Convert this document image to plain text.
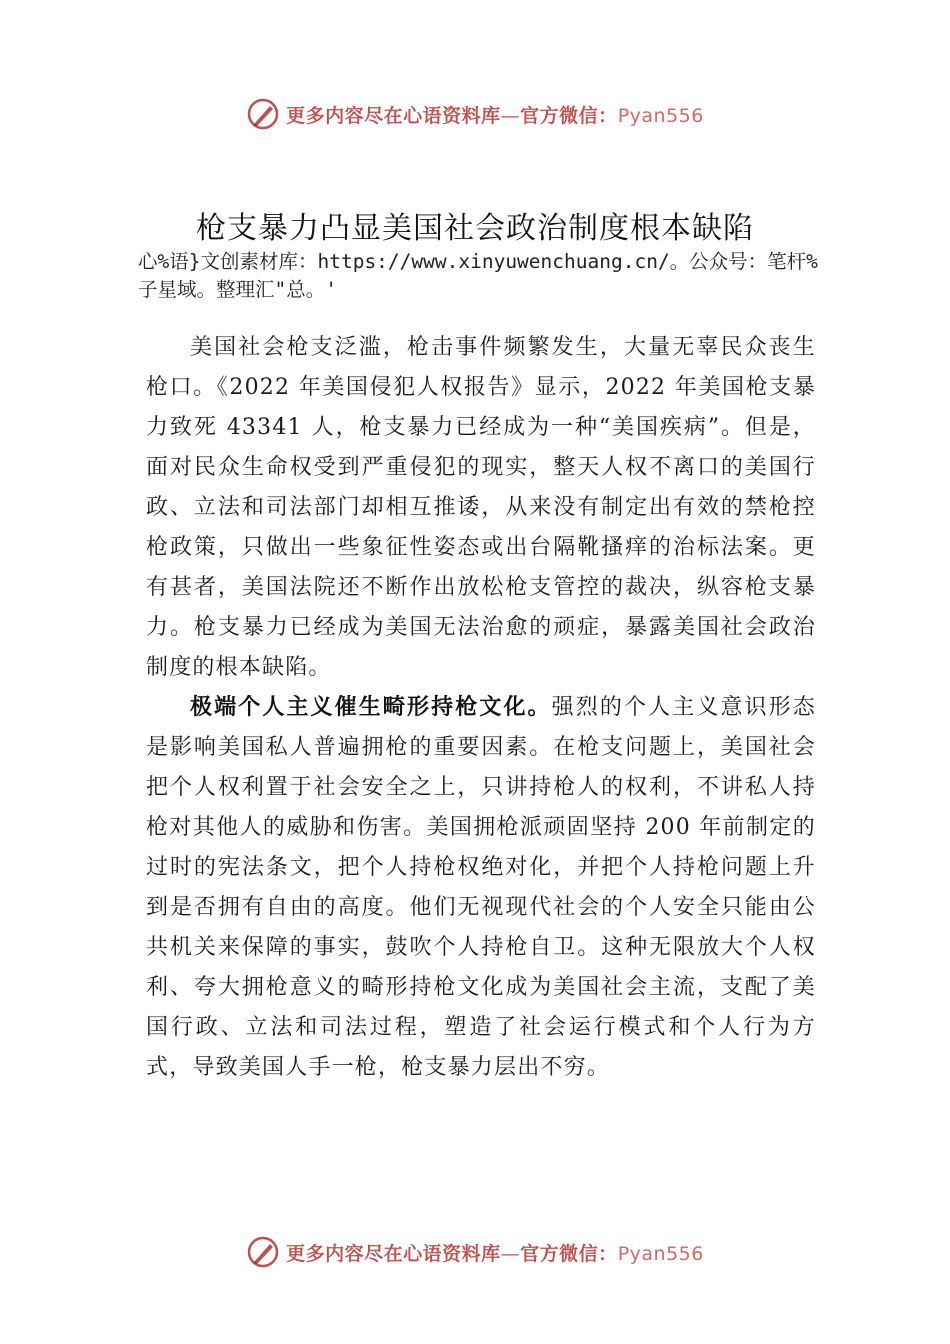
更多内容尽在心语资料库—官方微信：Pyan556
枪支暴力凸显美国社会政治制度根本缺陷
心%语}文创素材库：https://www.xinyuwenchuang.cn/。公众号：笔杆%子星域。整理汇"总。'

美国社会枪支泛滥，枪击事件频繁发生，大量无辜民众丧生枪口。《2022 年美国侵犯人权报告》显示，2022 年美国枪支暴力致死 43341 人，枪支暴力已经成为一种“美国疾病”。但是，面对民众生命权受到严重侵犯的现实，整天人权不离口的美国行政、立法和司法部门却相互推诿，从来没有制定出有效的禁枪控枪政策，只做出一些象征性姿态或出台隔靴搔痒的治标法案。更有甚者，美国法院还不断作出放松枪支管控的裁决，纵容枪支暴力。枪支暴力已经成为美国无法治愈的顽症，暴露美国社会政治制度的根本缺陷。

极端个人主义催生畸形持枪文化。强烈的个人主义意识形态是影响美国私人普遍拥枪的重要因素。在枪支问题上，美国社会把个人权利置于社会安全之上，只讲持枪人的权利，不讲私人持枪对其他人的威胁和伤害。美国拥枪派顽固坚持 200 年前制定的过时的宪法条文，把个人持枪权绝对化，并把个人持枪问题上升到是否拥有自由的高度。他们无视现代社会的个人安全只能由公共机关来保障的事实，鼓吹个人持枪自卫。这种无限放大个人权利、夸大拥枪意义的畸形持枪文化成为美国社会主流，支配了美国行政、立法和司法过程，塑造了社会运行模式和个人行为方式，导致美国人手一枪，枪支暴力层出不穷。

更多内容尽在心语资料库—官方微信：Pyan556
